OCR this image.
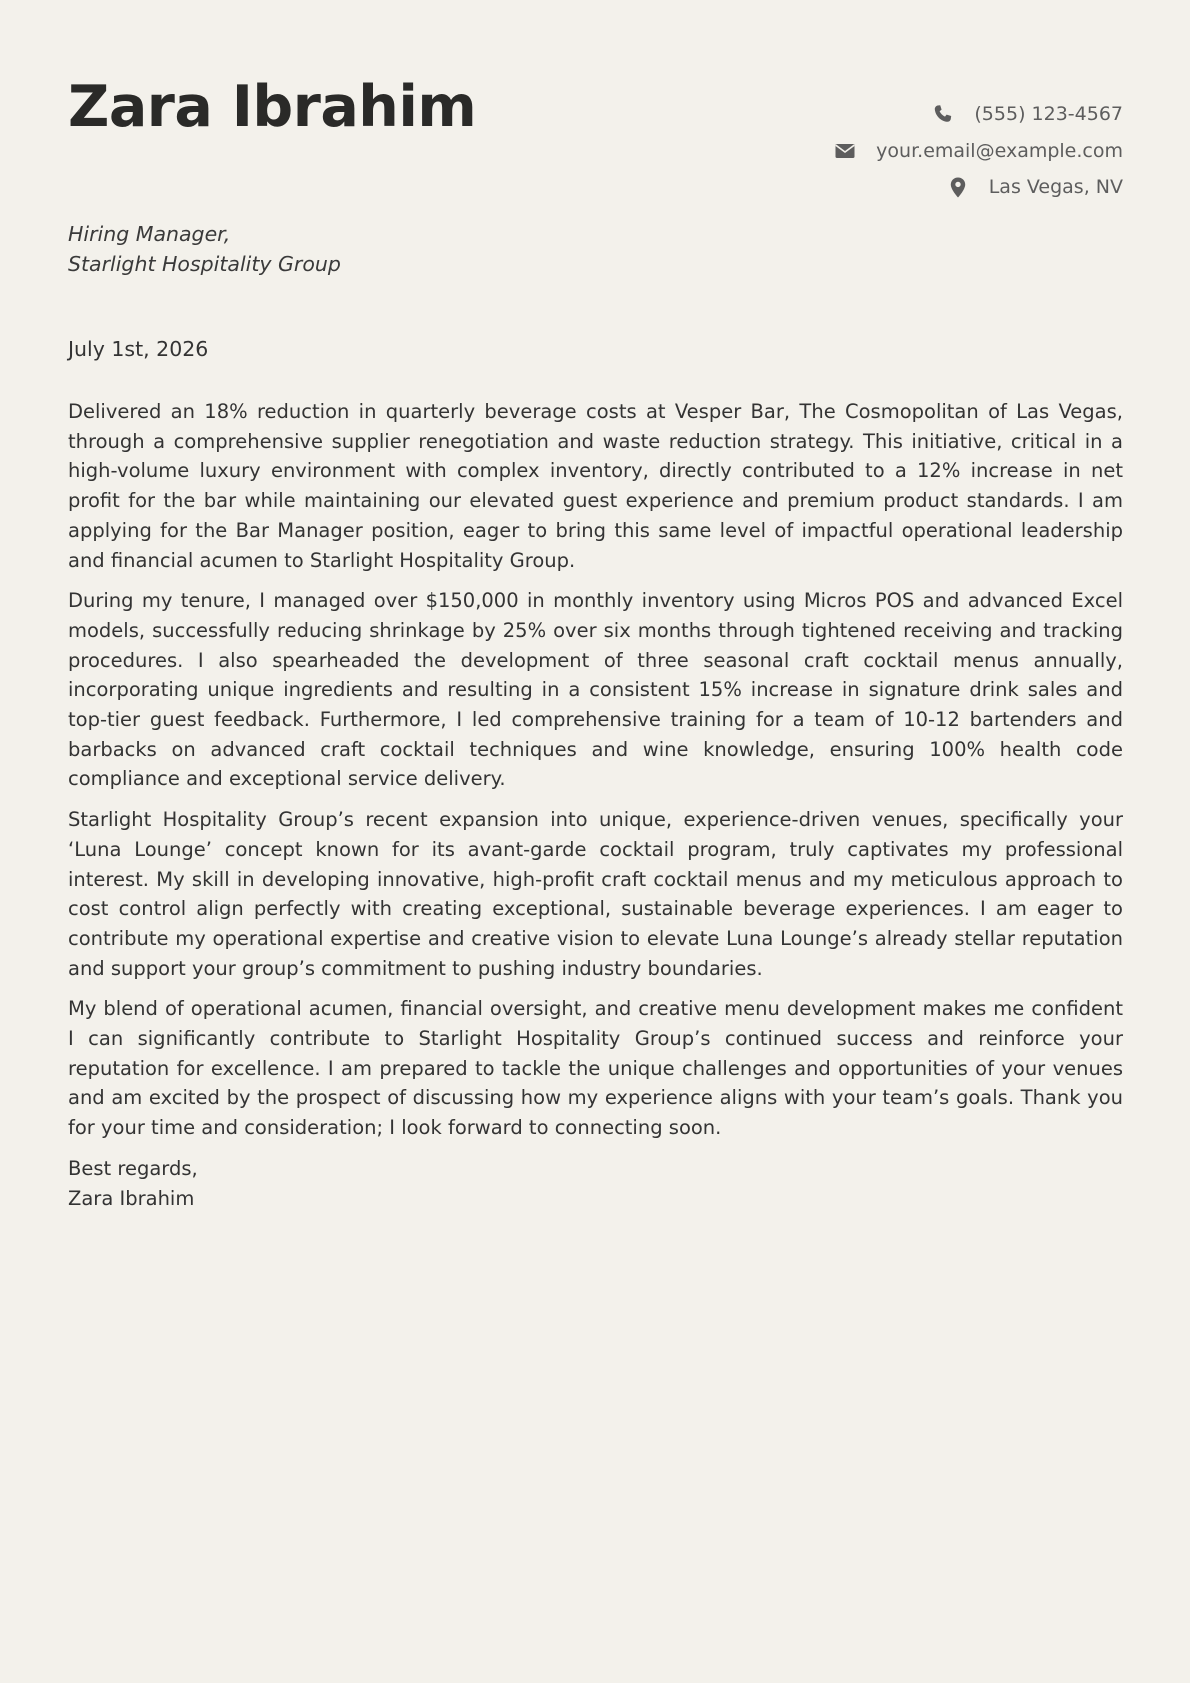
Zara Ibrahim	(555) 123-4567
your.email@example.com
Las Vegas, NV
Hiring Manager,
Starlight Hospitality Group
July 1st, 2026

Delivered an 18% reduction in quarterly beverage costs at Vesper Bar, The Cosmopolitan of Las Vegas, through a comprehensive supplier renegotiation and waste reduction strategy. This initiative, critical in a high-volume luxury environment with complex inventory, directly contributed to a 12% increase in net profit for the bar while maintaining our elevated guest experience and premium product standards. I am applying for the Bar Manager position, eager to bring this same level of impactful operational leadership and financial acumen to Starlight Hospitality Group.

During my tenure, I managed over $150,000 in monthly inventory using Micros POS and advanced Excel models, successfully reducing shrinkage by 25% over six months through tightened receiving and tracking procedures. I also spearheaded the development of three seasonal craft cocktail menus annually, incorporating unique ingredients and resulting in a consistent 15% increase in signature drink sales and top-tier guest feedback. Furthermore, I led comprehensive training for a team of 10-12 bartenders and barbacks on advanced craft cocktail techniques and wine knowledge, ensuring 100% health code compliance and exceptional service delivery.

Starlight Hospitality Group’s recent expansion into unique, experience-driven venues, specifically your ‘Luna Lounge’ concept known for its avant-garde cocktail program, truly captivates my professional interest. My skill in developing innovative, high-profit craft cocktail menus and my meticulous approach to cost control align perfectly with creating exceptional, sustainable beverage experiences. I am eager to contribute my operational expertise and creative vision to elevate Luna Lounge’s already stellar reputation and support your group’s commitment to pushing industry boundaries.

My blend of operational acumen, financial oversight, and creative menu development makes me confident I can significantly contribute to Starlight Hospitality Group’s continued success and reinforce your reputation for excellence. I am prepared to tackle the unique challenges and opportunities of your venues and am excited by the prospect of discussing how my experience aligns with your team’s goals. Thank you for your time and consideration; I look forward to connecting soon.

Best regards,
Zara Ibrahim
